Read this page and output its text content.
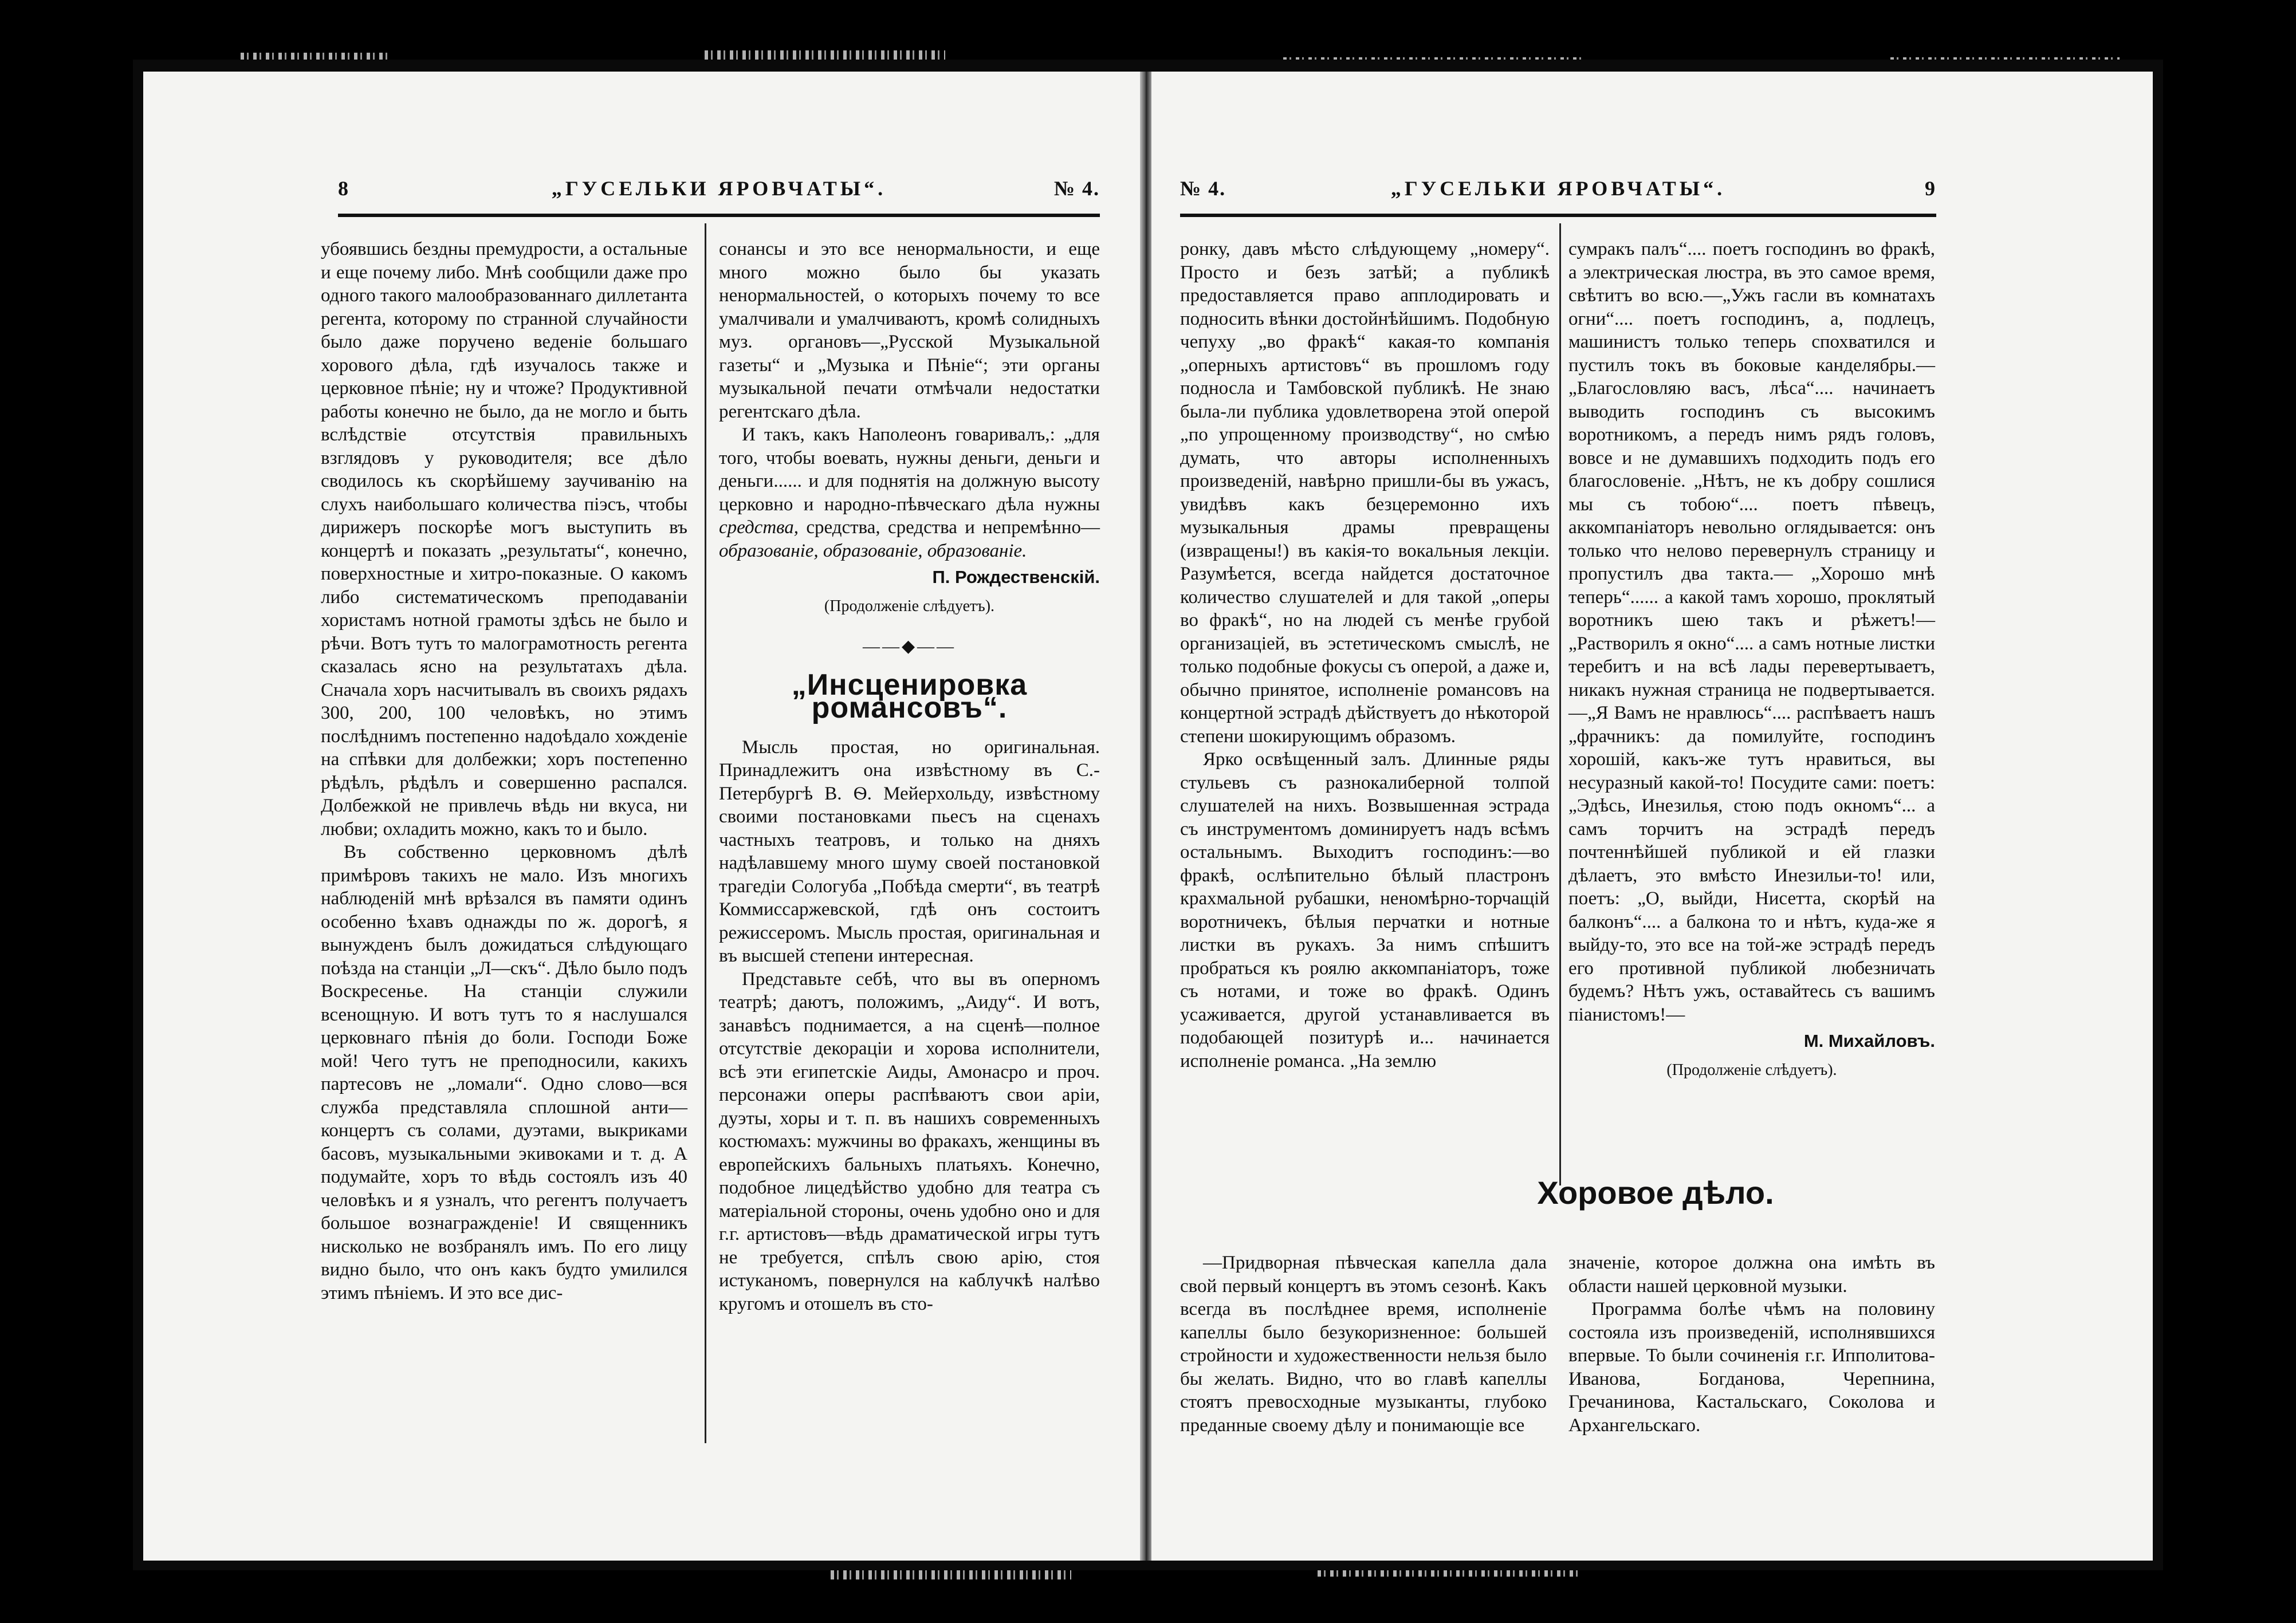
8	„ГУСЕЛЬКИ ЯРОВЧАТЫ“.	№ 4.

убоявшись бездны премудрости, а остальные и еще почему либо. Мнѣ сообщили даже про одного такого малообразованнаго диллетанта регента, которому по странной случайности было даже поручено веденіе большаго хорового дѣла, гдѣ изучалось также и церковное пѣніе; ну и чтоже? Продуктивной работы конечно не было, да не могло и быть вслѣдствіе отсутствія правильныхъ взглядовъ у руководителя; все дѣло сводилось къ скорѣйшему заучиванію на слухъ наибольшаго количества піэсъ, чтобы дирижеръ поскорѣе могъ выступить въ концертѣ и показать „результаты“, конечно, поверхностные и хитро-показные. О какомъ либо систематическомъ преподаваніи хористамъ нотной грамоты здѣсь не было и рѣчи. Вотъ тутъ то малограмотность регента сказалась ясно на результатахъ дѣла. Сначала хоръ насчитывалъ въ своихъ рядахъ 300, 200, 100 человѣкъ, но этимъ послѣднимъ постепенно надоѣдало хожденіе на спѣвки для долбежки; хоръ постепенно рѣдѣлъ, рѣдѣлъ и совершенно распался. Долбежкой не привлечь вѣдь ни вкуса, ни любви; охладить можно, какъ то и было.

Въ собственно церковномъ дѣлѣ примѣровъ такихъ не мало. Изъ многихъ наблюденій мнѣ врѣзался въ памяти одинъ особенно ѣхавъ однажды по ж. дорогѣ, я вынужденъ былъ дожидаться слѣдующаго поѣзда на станціи „Л—скъ“. Дѣло было подъ Воскресенье. На станціи служили всенощную. И вотъ тутъ то я наслушался церковнаго пѣнія до боли. Господи Боже мой! Чего тутъ не преподносили, какихъ партесовъ не „ломали“. Одно слово—вся служба представляла сплошной анти—концертъ съ солами, дуэтами, выкриками басовъ, музыкальными экивоками и т. д. А подумайте, хоръ то вѣдь состоялъ изъ 40 человѣкъ и я узналъ, что регентъ получаетъ большое вознагражденіе! И священникъ нисколько не возбранялъ имъ. По его лицу видно было, что онъ какъ будто умилился этимъ пѣніемъ. И это все дис-

сонансы и это все ненормальности, и еще много можно было бы указать ненормальностей, о которыхъ почему то все умалчивали и умалчиваютъ, кромѣ солидныхъ муз. органовъ—„Русской Музыкальной газеты“ и „Музыка и Пѣніе“; эти органы музыкальной печати отмѣчали недостатки регентскаго дѣла.

И такъ, какъ Наполеонъ говаривалъ,: „для того, чтобы воевать, нужны деньги, деньги и деньги...... и для поднятія на должную высоту церковно и народно-пѣвческаго дѣла нужны средства, средства, средства и непремѣнно—образованіе, образованіе, образованіе.

П. Рождественскій.
(Продолженіе слѣдуетъ).
——◆——
„Инсценировка романсовъ“.

Мысль простая, но оригинальная. Принадлежитъ она извѣстному въ С.-Петербургѣ В. Ѳ. Мейерхольду, извѣстному своими постановками пьесъ на сценахъ частныхъ театровъ, и только на дняхъ надѣлавшему много шуму своей постановкой трагедіи Сологуба „Побѣда смерти“, въ театрѣ Коммиссаржевской, гдѣ онъ состоитъ режиссеромъ. Мысль простая, оригинальная и въ высшей степени интересная.

Представьте себѣ, что вы въ оперномъ театрѣ; даютъ, положимъ, „Аиду“. И вотъ, занавѣсъ поднимается, а на сценѣ—полное отсутствіе декораціи и хорова исполнители, всѣ эти египетскіе Аиды, Амонасро и проч. персонажи оперы распѣваютъ свои аріи, дуэты, хоры и т. п. въ нашихъ современныхъ костюмахъ: мужчины во фракахъ, женщины въ европейскихъ бальныхъ платьяхъ. Конечно, подобное лицедѣйство удобно для театра съ матеріальной стороны, очень удобно оно и для г.г. артистовъ—вѣдь драматической игры тутъ не требуется, спѣлъ свою арію, стоя истуканомъ, повернулся на каблучкѣ налѣво кругомъ и отошелъ въ сто-

№ 4.	„ГУСЕЛЬКИ ЯРОВЧАТЫ“.	9

ронку, давъ мѣсто слѣдующему „номеру“. Просто и безъ затѣй; а публикѣ предоставляется право апплодировать и подносить вѣнки достойнѣйшимъ. Подобную чепуху „во фракѣ“ какая-то компанія „оперныхъ артистовъ“ въ прошломъ году подносла и Тамбовской публикѣ. Не знаю была-ли публика удовлетворена этой оперой „по упрощенному производству“, но смѣю думать, что авторы исполненныхъ произведеній, навѣрно пришли-бы въ ужасъ, увидѣвъ какъ безцеремонно ихъ музыкальныя драмы превращены (извращены!) въ какія-то вокальныя лекціи. Разумѣется, всегда найдется достаточное количество слушателей и для такой „оперы во фракѣ“, но на людей съ менѣе грубой организаціей, въ эстетическомъ смыслѣ, не только подобные фокусы съ оперой, а даже и, обычно принятое, исполненіе романсовъ на концертной эстрадѣ дѣйствуетъ до нѣкоторой степени шокирующимъ образомъ.

Ярко освѣщенный залъ. Длинные ряды стульевъ съ разнокалиберной толпой слушателей на нихъ. Возвышенная эстрада съ инструментомъ доминируетъ надъ всѣмъ остальнымъ. Выходитъ господинъ:—во фракѣ, ослѣпительно бѣлый пластронъ крахмальной рубашки, неномѣрно-торчащій воротничекъ, бѣлыя перчатки и нотные листки въ рукахъ. За нимъ спѣшитъ пробраться къ роялю аккомпаніаторъ, тоже съ нотами, и тоже во фракѣ. Одинъ усаживается, другой устанавливается въ подобающей позитурѣ и... начинается исполненіе романса. „На землю

сумракъ палъ“.... поетъ господинъ во фракѣ, а электрическая люстра, въ это самое время, свѣтитъ во всю.—„Ужъ гасли въ комнатахъ огни“.... поетъ господинъ, а, подлецъ, машинистъ только теперь спохватился и пустилъ токъ въ боковые канделябры.—„Благословляю васъ, лѣса“.... начинаетъ выводить господинъ съ высокимъ воротникомъ, а передъ нимъ рядъ головъ, вовсе и не думавшихъ подходить подъ его благословеніе. „Нѣтъ, не къ добру сошлися мы съ тобою“.... поетъ пѣвецъ, аккомпаніаторъ невольно оглядывается: онъ только что нелово перевернулъ страницу и пропустилъ два такта.— „Хорошо мнѣ теперь“...... а какой тамъ хорошо, проклятый воротникъ шею такъ и рѣжетъ!—„Растворилъ я окно“.... а самъ нотные листки теребитъ и на всѣ лады перевертываетъ, никакъ нужная страница не подвертывается.—„Я Вамъ не нравлюсь“.... распѣваетъ нашъ „фрачникъ: да помилуйте, господинъ хорошій, какъ-же тутъ нравиться, вы несуразный какой-то! Посудите сами: поетъ: „Эдѣсь, Инезилья, стою подъ окномъ“... а самъ торчитъ на эстрадѣ передъ почтеннѣйшей публикой и ей глазки дѣлаетъ, это вмѣсто Инезильи-то! или, поетъ: „О, выйди, Нисетта, скорѣй на балконъ“.... а балкона то и нѣтъ, куда-же я выйду-то, это все на той-же эстрадѣ передъ его противной публикой любезничать будемъ? Нѣтъ ужъ, оставайтесь съ вашимъ піанистомъ!—

М. Михайловъ.
(Продолженіе слѣдуетъ).
Хоровое дѣло.

—Придворная пѣвческая капелла дала свой первый концертъ въ этомъ сезонѣ. Какъ всегда въ послѣднее время, исполненіе капеллы было безукоризненное: большей стройности и художественности нельзя было бы желать. Видно, что во главѣ капеллы стоятъ превосходные музыканты, глубоко преданные своему дѣлу и понимающіе все

значеніе, которое должна она имѣть въ области нашей церковной музыки.

Программа болѣе чѣмъ на половину состояла изъ произведеній, исполнявшихся впервые. То были сочиненія г.г. Ипполитова-Иванова, Богданова, Черепнина, Гречанинова, Кастальскаго, Соколова и Архангельскаго.
